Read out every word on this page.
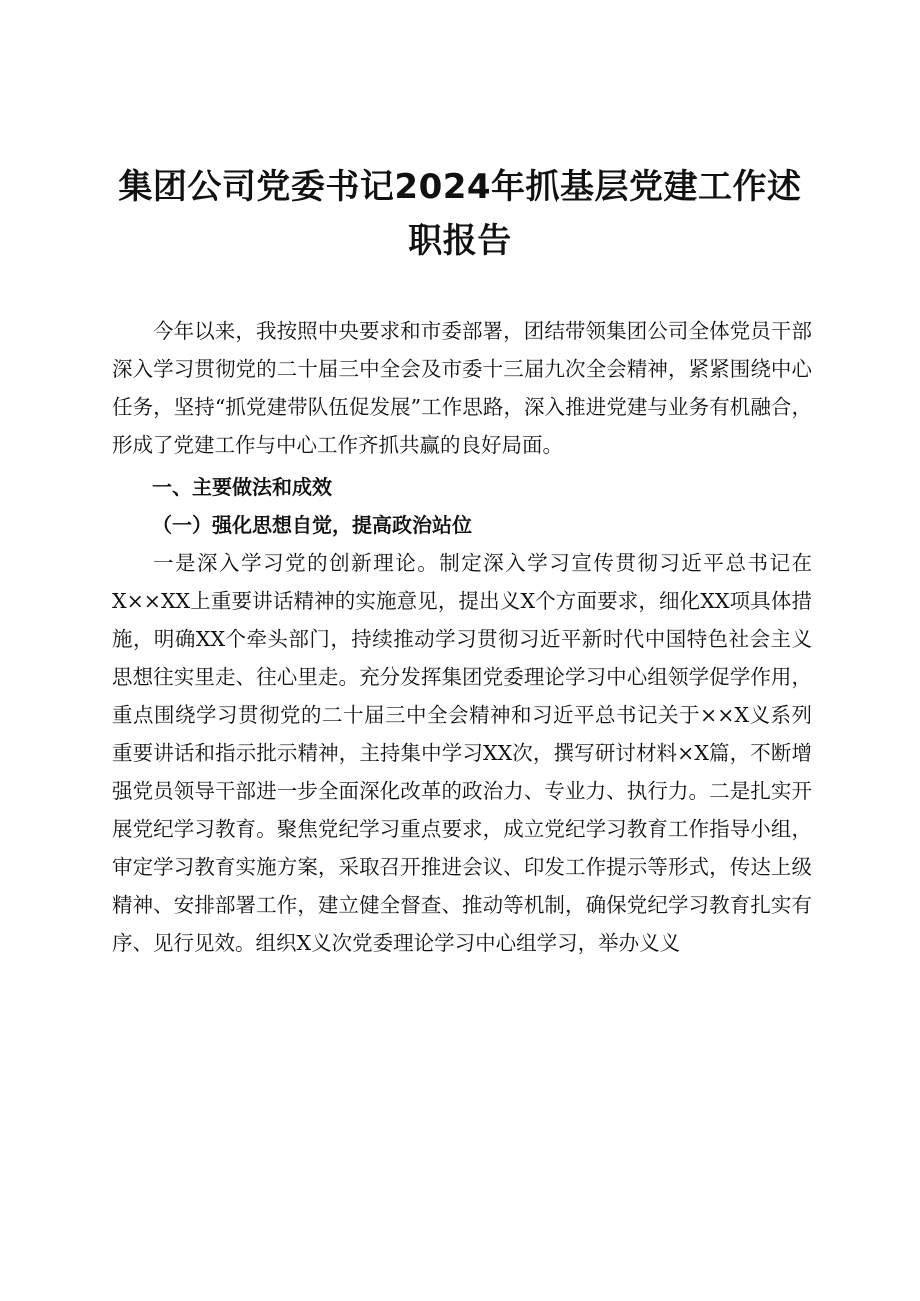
集团公司党委书记2024年抓基层党建工作述
职报告

今年以来，我按照中央要求和市委部署，团结带领集团公司全体党员干部深入学习贯彻党的二十届三中全会及市委十三届九次全会精神，紧紧围绕中心任务，坚持“抓党建带队伍促发展”工作思路，深入推进党建与业务有机融合，形成了党建工作与中心工作齐抓共赢的良好局面。

一、主要做法和成效

（一）强化思想自觉，提高政治站位

一是深入学习党的创新理论。制定深入学习宣传贯彻习近平总书记在X××XX上重要讲话精神的实施意见，提出义X个方面要求，细化XX项具体措施，明确XX个牵头部门，持续推动学习贯彻习近平新时代中国特色社会主义思想往实里走、往心里走。充分发挥集团党委理论学习中心组领学促学作用，重点围绕学习贯彻党的二十届三中全会精神和习近平总书记关于××X义系列重要讲话和指示批示精神，主持集中学习XX次，撰写研讨材料×X篇，不断增强党员领导干部进一步全面深化改革的政治力、专业力、执行力。二是扎实开展党纪学习教育。聚焦党纪学习重点要求，成立党纪学习教育工作指导小组，审定学习教育实施方案，采取召开推进会议、印发工作提示等形式，传达上级精神、安排部署工作，建立健全督查、推动等机制，确保党纪学习教育扎实有序、见行见效。组织X义次党委理论学习中心组学习，举办义义
